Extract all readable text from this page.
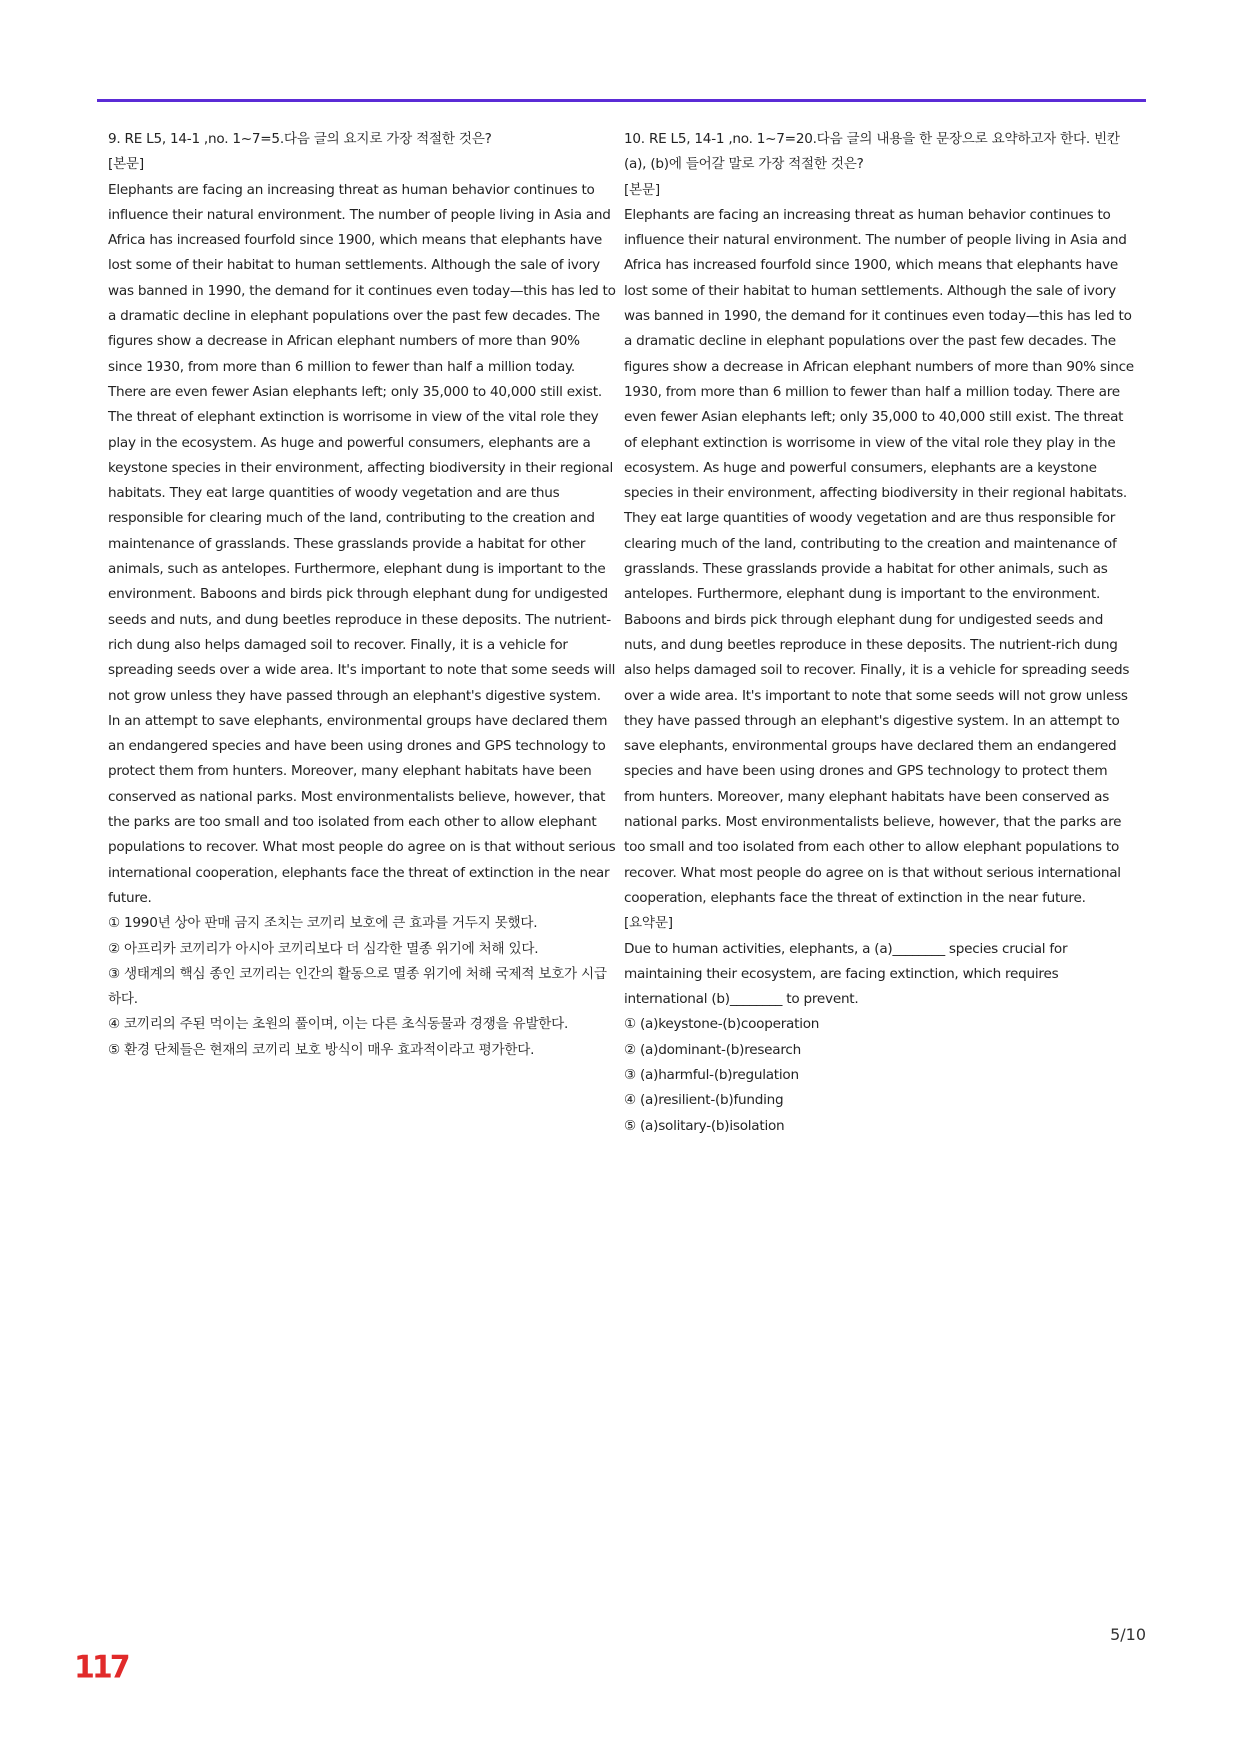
9. RE L5, 14-1 ,no. 1~7=5.다음 글의 요지로 가장 적절한 것은?

[본문]

Elephants are facing an increasing threat as human behavior continues to influence their natural environment. The number of people living in Asia and Africa has increased fourfold since 1900, which means that elephants have lost some of their habitat to human settlements. Although the sale of ivory was banned in 1990, the demand for it continues even today—this has led to a dramatic decline in elephant populations over the past few decades. The figures show a decrease in African elephant numbers of more than 90% since 1930, from more than 6 million to fewer than half a million today. There are even fewer Asian elephants left; only 35,000 to 40,000 still exist. The threat of elephant extinction is worrisome in view of the vital role they play in the ecosystem. As huge and powerful consumers, elephants are a keystone species in their environment, affecting biodiversity in their regional habitats. They eat large quantities of woody vegetation and are thus responsible for clearing much of the land, contributing to the creation and maintenance of grasslands. These grasslands provide a habitat for other animals, such as antelopes. Furthermore, elephant dung is important to the environment. Baboons and birds pick through elephant dung for undigested seeds and nuts, and dung beetles reproduce in these deposits. The nutrient-rich dung also helps damaged soil to recover. Finally, it is a vehicle for spreading seeds over a wide area. It's important to note that some seeds will not grow unless they have passed through an elephant's digestive system. In an attempt to save elephants, environmental groups have declared them an endangered species and have been using drones and GPS technology to protect them from hunters. Moreover, many elephant habitats have been conserved as national parks. Most environmentalists believe, however, that the parks are too small and too isolated from each other to allow elephant populations to recover. What most people do agree on is that without serious international cooperation, elephants face the threat of extinction in the near future.

① 1990년 상아 판매 금지 조치는 코끼리 보호에 큰 효과를 거두지 못했다.

② 아프리카 코끼리가 아시아 코끼리보다 더 심각한 멸종 위기에 처해 있다.

③ 생태계의 핵심 종인 코끼리는 인간의 활동으로 멸종 위기에 처해 국제적 보호가 시급하다.

④ 코끼리의 주된 먹이는 초원의 풀이며, 이는 다른 초식동물과 경쟁을 유발한다.

⑤ 환경 단체들은 현재의 코끼리 보호 방식이 매우 효과적이라고 평가한다.

10. RE L5, 14-1 ,no. 1~7=20.다음 글의 내용을 한 문장으로 요약하고자 한다. 빈칸 (a), (b)에 들어갈 말로 가장 적절한 것은?

[본문]

Elephants are facing an increasing threat as human behavior continues to influence their natural environment. The number of people living in Asia and Africa has increased fourfold since 1900, which means that elephants have lost some of their habitat to human settlements. Although the sale of ivory was banned in 1990, the demand for it continues even today—this has led to a dramatic decline in elephant populations over the past few decades. The figures show a decrease in African elephant numbers of more than 90% since 1930, from more than 6 million to fewer than half a million today. There are even fewer Asian elephants left; only 35,000 to 40,000 still exist. The threat of elephant extinction is worrisome in view of the vital role they play in the ecosystem. As huge and powerful consumers, elephants are a keystone species in their environment, affecting biodiversity in their regional habitats. They eat large quantities of woody vegetation and are thus responsible for clearing much of the land, contributing to the creation and maintenance of grasslands. These grasslands provide a habitat for other animals, such as antelopes. Furthermore, elephant dung is important to the environment. Baboons and birds pick through elephant dung for undigested seeds and nuts, and dung beetles reproduce in these deposits. The nutrient-rich dung also helps damaged soil to recover. Finally, it is a vehicle for spreading seeds over a wide area. It's important to note that some seeds will not grow unless they have passed through an elephant's digestive system. In an attempt to save elephants, environmental groups have declared them an endangered species and have been using drones and GPS technology to protect them from hunters. Moreover, many elephant habitats have been conserved as national parks. Most environmentalists believe, however, that the parks are too small and too isolated from each other to allow elephant populations to recover. What most people do agree on is that without serious international cooperation, elephants face the threat of extinction in the near future.

[요약문]

Due to human activities, elephants, a (a)________ species crucial for maintaining their ecosystem, are facing extinction, which requires international (b)________ to prevent.

① (a)keystone-(b)cooperation

② (a)dominant-(b)research

③ (a)harmful-(b)regulation

④ (a)resilient-(b)funding

⑤ (a)solitary-(b)isolation

5/10
117
